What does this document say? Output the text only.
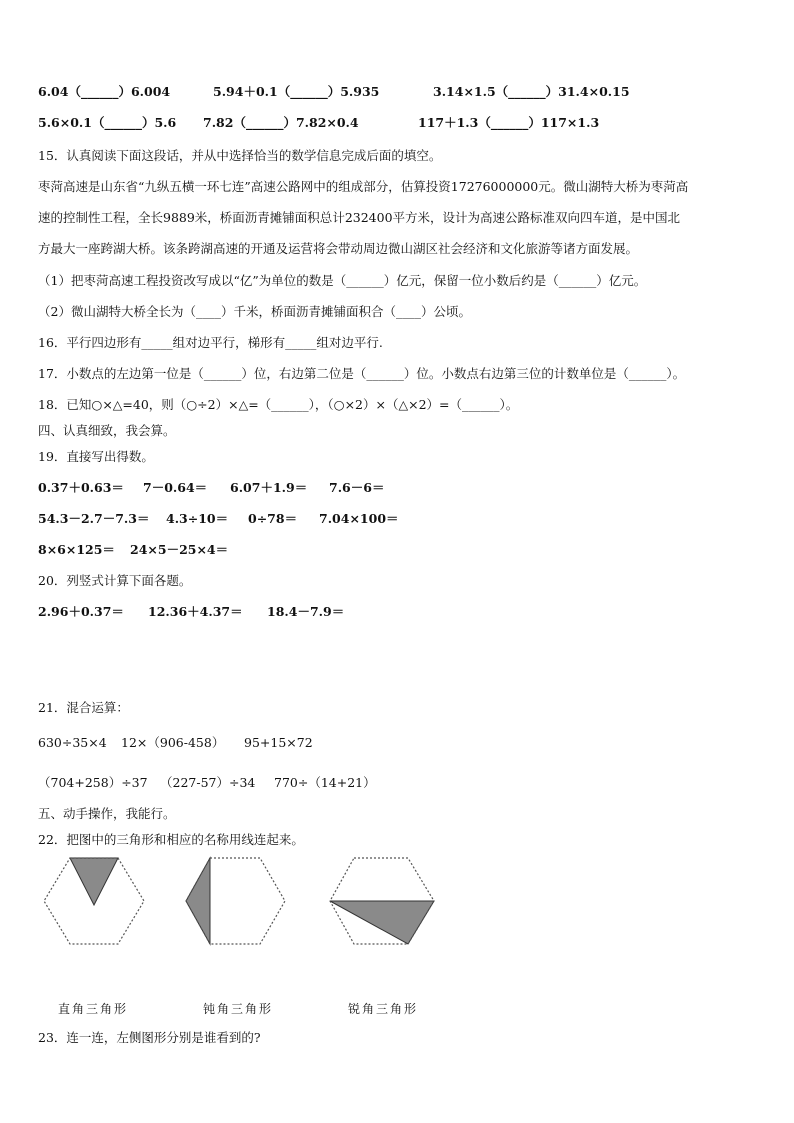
6.04（______）6.004	5.94＋0.1（______）5.935	3.14×1.5（______）31.4×0.15
5.6×0.1（______）5.6 7.82（______）7.82×0.4	117＋1.3（______）117×1.3
15．认真阅读下面这段话，并从中选择恰当的数学信息完成后面的填空。
枣菏高速是山东省“九纵五横一环七连”高速公路网中的组成部分，估算投资17276000000元。微山湖特大桥为枣菏高
速的控制性工程，全长9889米，桥面沥青摊铺面积总计232400平方米，设计为高速公路标准双向四车道，是中国北
方最大一座跨湖大桥。该条跨湖高速的开通及运营将会带动周边微山湖区社会经济和文化旅游等诸方面发展。
（1）把枣菏高速工程投资改写成以“亿”为单位的数是（______）亿元，保留一位小数后约是（______）亿元。
（2）微山湖特大桥全长为（____）千米，桥面沥青摊铺面积合（____）公顷。
16．平行四边形有_____组对边平行，梯形有_____组对边平行.
17．小数点的左边第一位是（______）位，右边第二位是（______）位。小数点右边第三位的计数单位是（______）。
18．已知○×△=40，则（○÷2）×△=（______），（○×2）×（△×2）=（______）。
四、认真细致，我会算。
19．直接写出得数。
0.37＋0.63＝ 7－0.64＝ 6.07＋1.9＝ 7.6－6＝
54.3－2.7－7.3＝ 4.3÷10＝ 0÷78＝ 7.04×100＝
8×6×125＝ 24×5－25×4＝
20．列竖式计算下面各题。
2.96＋0.37＝ 12.36＋4.37＝ 18.4－7.9＝
21．混合运算：
630÷35×4 12×（906-458） 95+15×72
（704+258）÷37 （227-57）÷34 770÷（14+21）
五、动手操作，我能行。
22．把图中的三角形和相应的名称用线连起来。
直角三角形	钝角三角形	锐角三角形
23．连一连，左侧图形分别是谁看到的?
